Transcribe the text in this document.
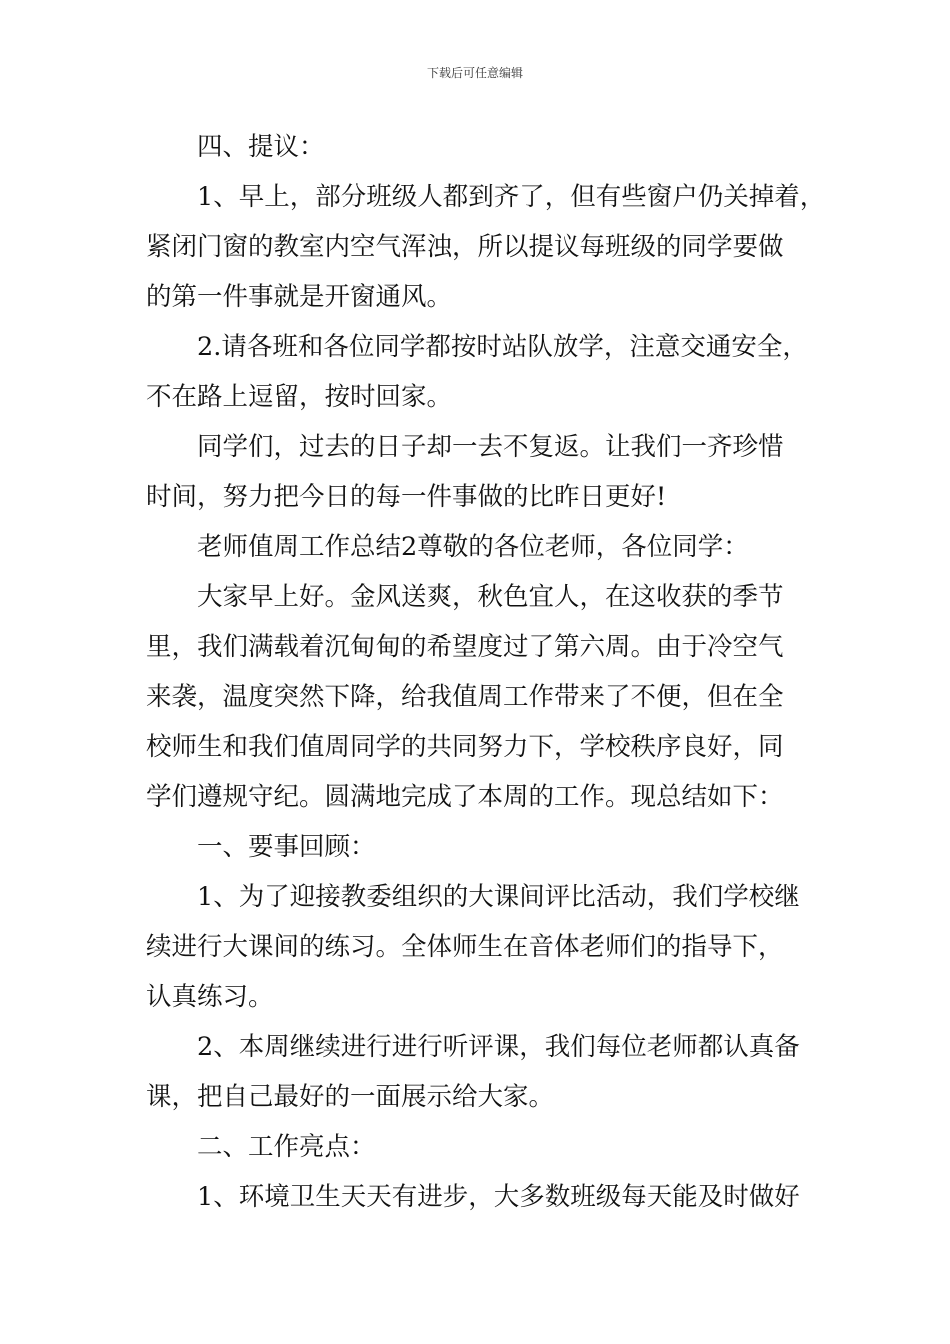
下载后可任意编辑
四、提议：
1、早上，部分班级人都到齐了，但有些窗户仍关掉着，
紧闭门窗的教室内空气浑浊，所以提议每班级的同学要做
的第一件事就是开窗通风。
2.请各班和各位同学都按时站队放学，注意交通安全，
不在路上逗留，按时回家。
同学们，过去的日子却一去不复返。让我们一齐珍惜
时间，努力把今日的每一件事做的比昨日更好!
老师值周工作总结2尊敬的各位老师，各位同学：
大家早上好。金风送爽，秋色宜人，在这收获的季节
里，我们满载着沉甸甸的希望度过了第六周。由于冷空气
来袭，温度突然下降，给我值周工作带来了不便，但在全
校师生和我们值周同学的共同努力下，学校秩序良好，同
学们遵规守纪。圆满地完成了本周的工作。现总结如下：
一、要事回顾：
1、为了迎接教委组织的大课间评比活动，我们学校继
续进行大课间的练习。全体师生在音体老师们的指导下，
认真练习。
2、本周继续进行进行听评课，我们每位老师都认真备
课，把自己最好的一面展示给大家。
二、工作亮点：
1、环境卫生天天有进步，大多数班级每天能及时做好
